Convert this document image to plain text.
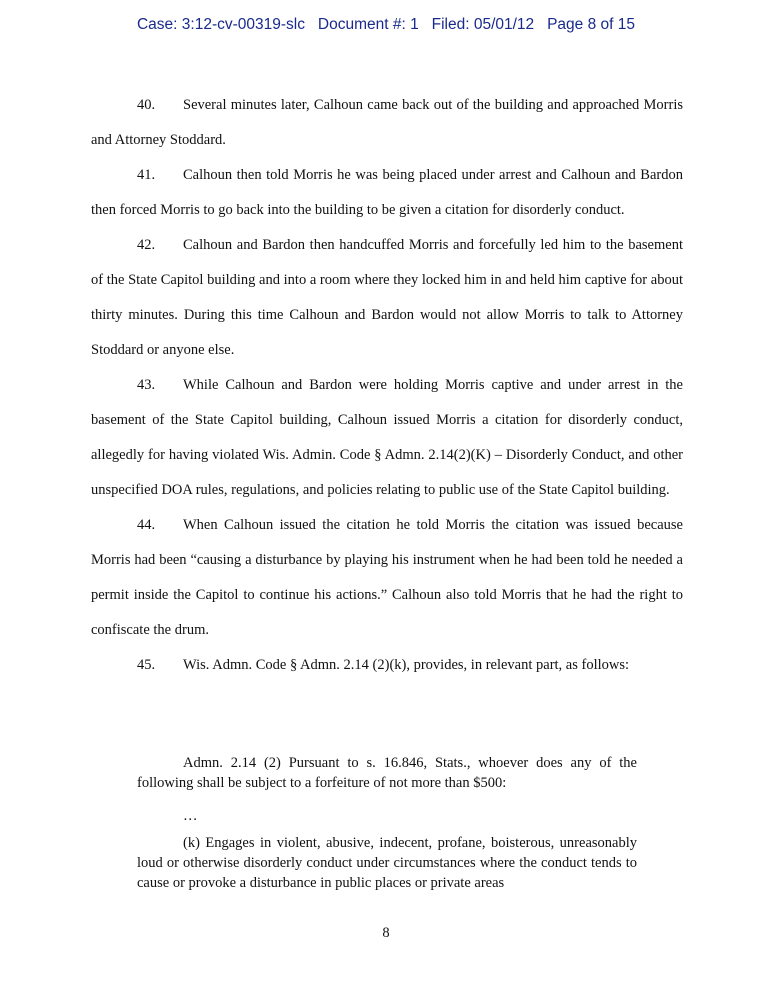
Case: 3:12-cv-00319-slc   Document #: 1   Filed: 05/01/12   Page 8 of 15

40. Several minutes later, Calhoun came back out of the building and approached Morris and Attorney Stoddard.

41. Calhoun then told Morris he was being placed under arrest and Calhoun and Bardon then forced Morris to go back into the building to be given a citation for disorderly conduct.

42. Calhoun and Bardon then handcuffed Morris and forcefully led him to the basement of the State Capitol building and into a room where they locked him in and held him captive for about thirty minutes. During this time Calhoun and Bardon would not allow Morris to talk to Attorney Stoddard or anyone else.

43. While Calhoun and Bardon were holding Morris captive and under arrest in the basement of the State Capitol building, Calhoun issued Morris a citation for disorderly conduct, allegedly for having violated Wis. Admin. Code § Admn. 2.14(2)(K) – Disorderly Conduct, and other unspecified DOA rules, regulations, and policies relating to public use of the State Capitol building.

44. When Calhoun issued the citation he told Morris the citation was issued because Morris had been “causing a disturbance by playing his instrument when he had been told he needed a permit inside the Capitol to continue his actions.” Calhoun also told Morris that he had the right to confiscate the drum.

45. Wis. Admn. Code § Admn. 2.14 (2)(k), provides, in relevant part, as follows:

Admn. 2.14 (2) Pursuant to s. 16.846, Stats., whoever does any of the following shall be subject to a forfeiture of not more than $500:

…

(k) Engages in violent, abusive, indecent, profane, boisterous, unreasonably loud or otherwise disorderly conduct under circumstances where the conduct tends to cause or provoke a disturbance in public places or private areas

8
